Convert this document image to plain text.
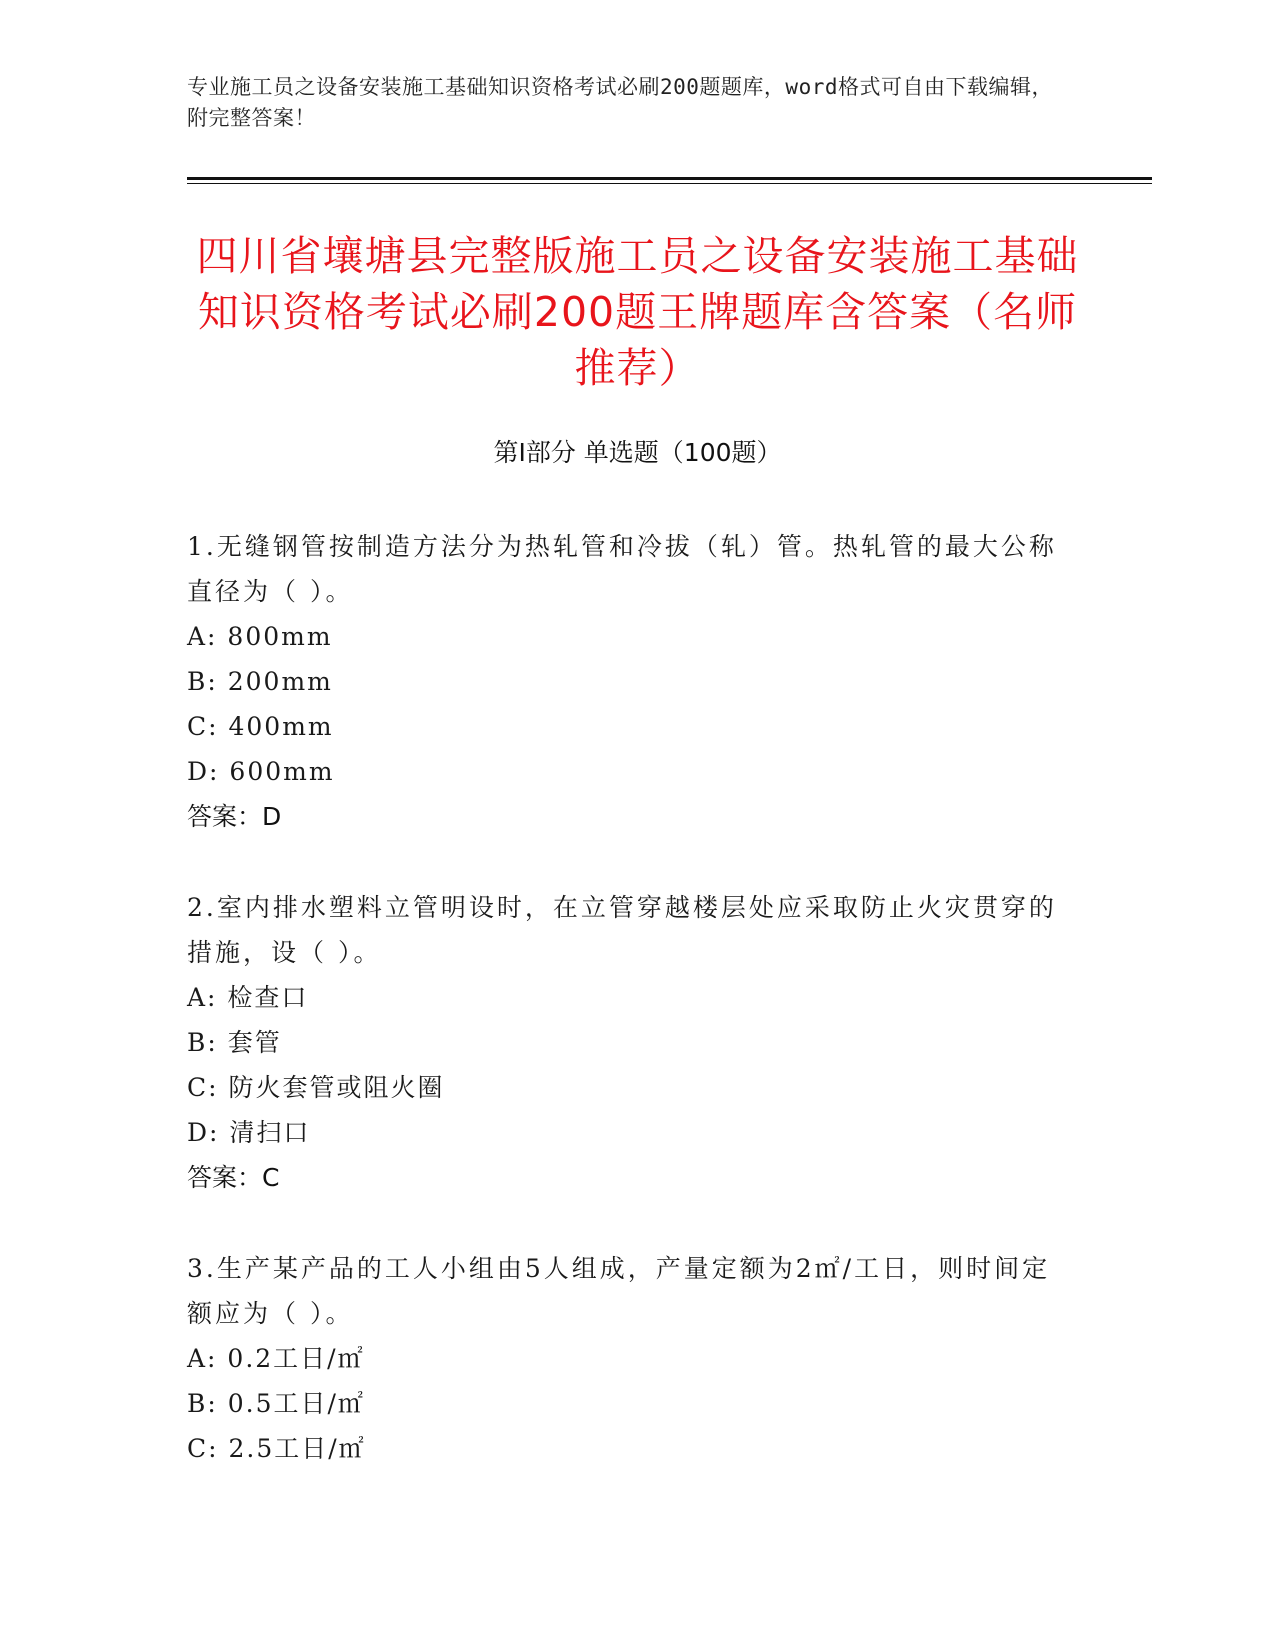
专业施工员之设备安装施工基础知识资格考试必刷200题题库，word格式可自由下载编辑，附完整答案！
四川省壤塘县完整版施工员之设备安装施工基础知识资格考试必刷200题王牌题库含答案（名师推荐）
第I部分 单选题（100题）
1.无缝钢管按制造方法分为热轧管和冷拔（轧）管。热轧管的最大公称直径为（ ）。
A: 800mm
B: 200mm
C: 400mm
D: 600mm
答案：D
2.室内排水塑料立管明设时，在立管穿越楼层处应采取防止火灾贯穿的措施，设（ ）。
A: 检查口
B: 套管
C: 防火套管或阻火圈
D: 清扫口
答案：C
3.生产某产品的工人小组由5人组成，产量定额为2㎡/工日，则时间定额应为（ ）。
A: 0.2工日/㎡
B: 0.5工日/㎡
C: 2.5工日/㎡
